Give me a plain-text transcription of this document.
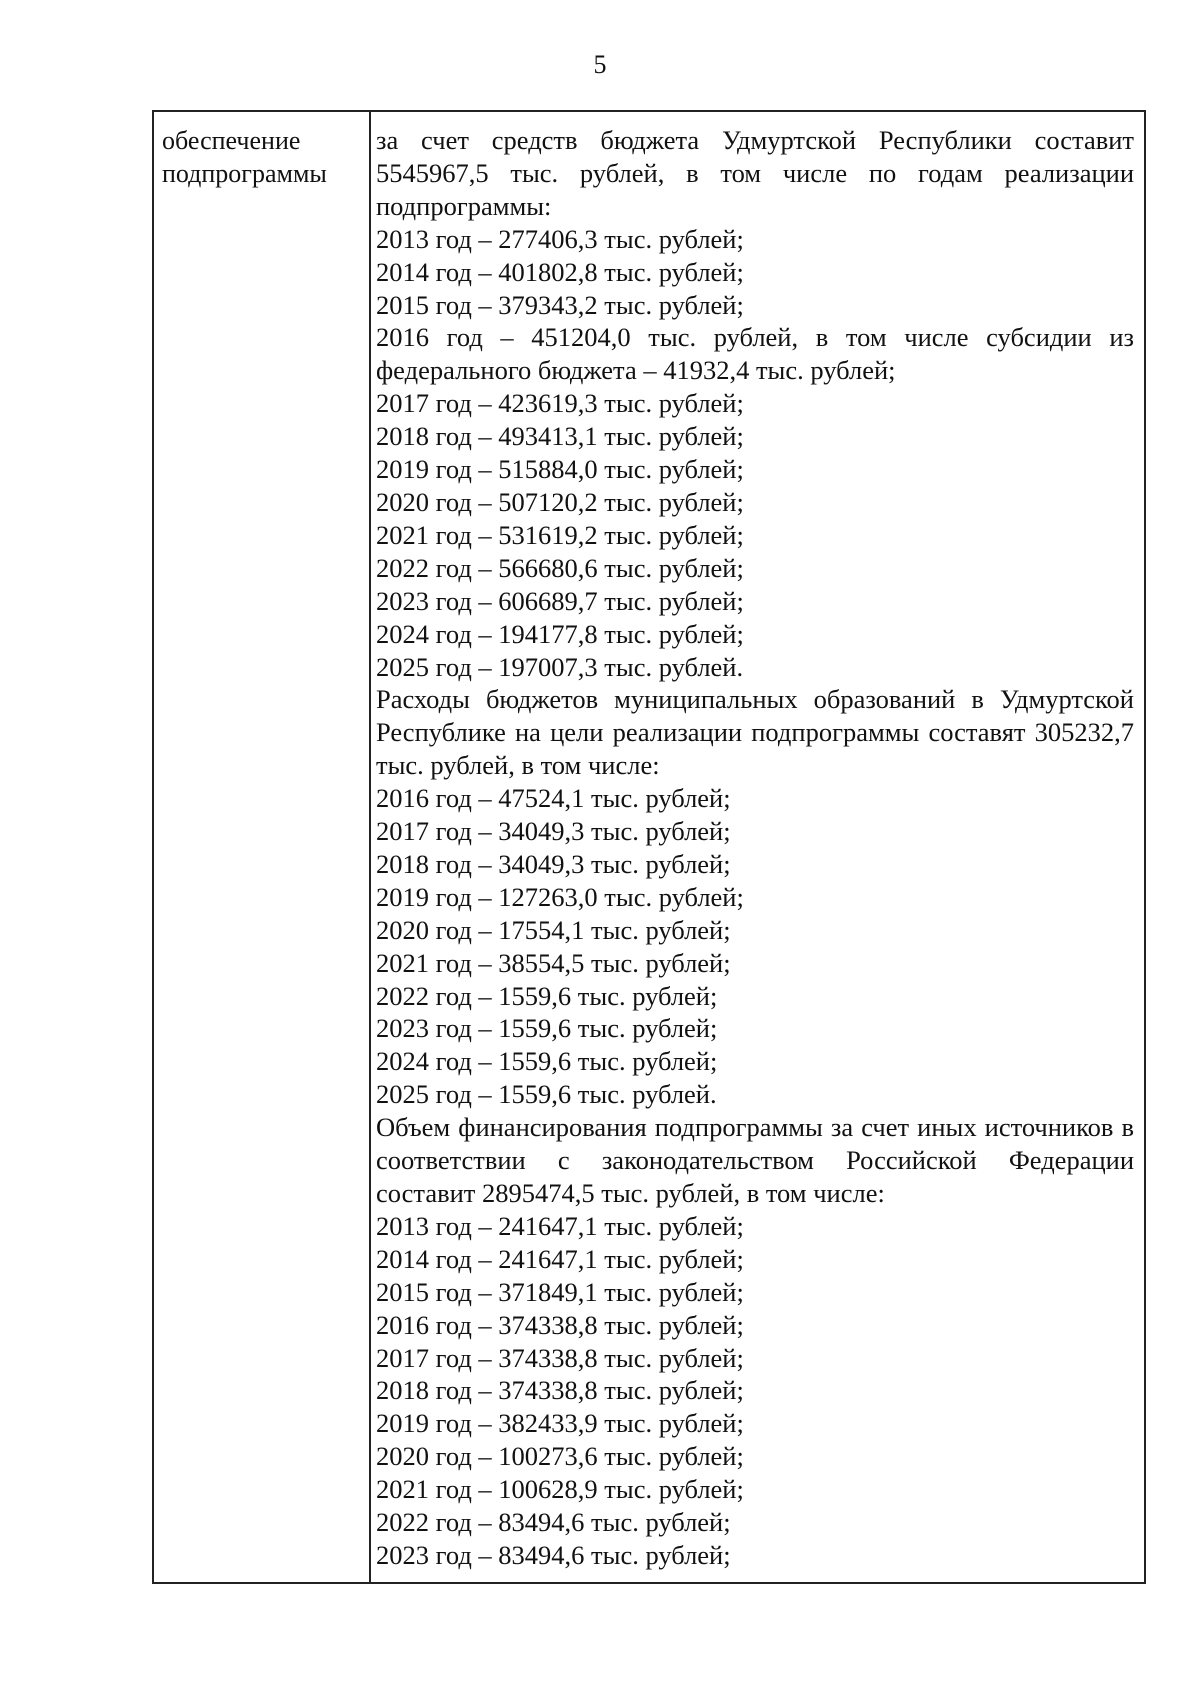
5
обеспечение
подпрограммы

за счет средств бюджета Удмуртской Республики составит 5545967,5 тыс. рублей, в том числе по годам реализации подпрограммы:

2013 год – 277406,3 тыс. рублей;
2014 год – 401802,8 тыс. рублей;
2015 год – 379343,2 тыс. рублей;

2016 год – 451204,0 тыс. рублей, в том числе субсидии из федерального бюджета – 41932,4 тыс. рублей;

2017 год – 423619,3 тыс. рублей;
2018 год – 493413,1 тыс. рублей;
2019 год – 515884,0 тыс. рублей;
2020 год – 507120,2 тыс. рублей;
2021 год – 531619,2 тыс. рублей;
2022 год – 566680,6 тыс. рублей;
2023 год – 606689,7 тыс. рублей;
2024 год – 194177,8 тыс. рублей;
2025 год – 197007,3 тыс. рублей.

Расходы бюджетов муниципальных образований в Удмуртской Республике на цели реализации подпрограммы составят 305232,7 тыс. рублей, в том числе:

2016 год – 47524,1 тыс. рублей;
2017 год – 34049,3 тыс. рублей;
2018 год – 34049,3 тыс. рублей;
2019 год – 127263,0 тыс. рублей;
2020 год – 17554,1 тыс. рублей;
2021 год – 38554,5 тыс. рублей;
2022 год – 1559,6 тыс. рублей;
2023 год – 1559,6 тыс. рублей;
2024 год – 1559,6 тыс. рублей;
2025 год – 1559,6 тыс. рублей.

Объем финансирования подпрограммы за счет иных источников в соответствии с законодательством Российской Федерации составит 2895474,5 тыс. рублей, в том числе:

2013 год – 241647,1 тыс. рублей;
2014 год – 241647,1 тыс. рублей;
2015 год – 371849,1 тыс. рублей;
2016 год – 374338,8 тыс. рублей;
2017 год – 374338,8 тыс. рублей;
2018 год – 374338,8 тыс. рублей;
2019 год – 382433,9 тыс. рублей;
2020 год – 100273,6 тыс. рублей;
2021 год – 100628,9 тыс. рублей;
2022 год – 83494,6 тыс. рублей;
2023 год – 83494,6 тыс. рублей;
